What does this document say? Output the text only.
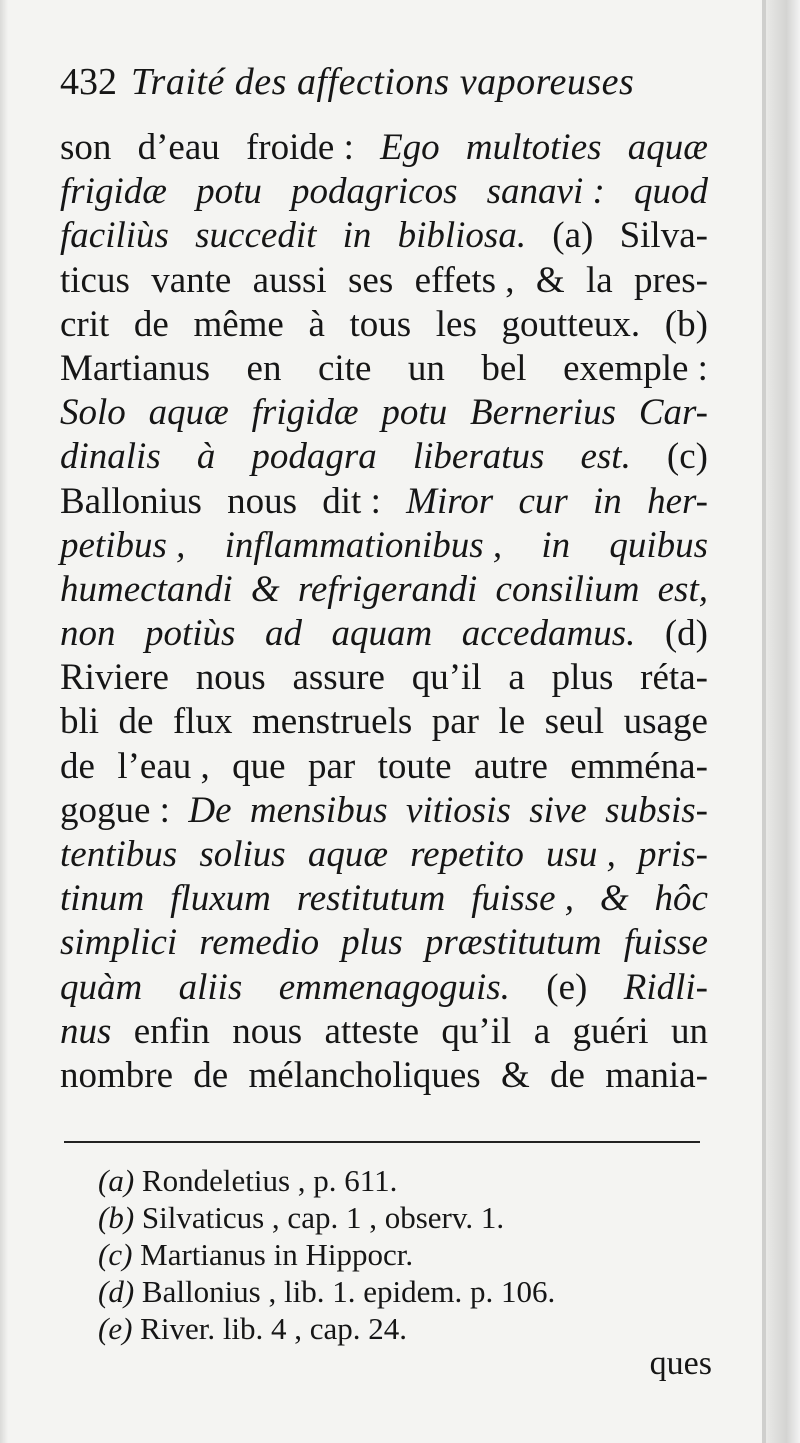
432 Traité des affections vaporeuses
son d’eau froide : Ego multoties aquæ
frigidæ potu podagricos sanavi : quod
faciliùs succedit in bibliosa. (a) Silva-
ticus vante aussi ses effets , & la pres-
crit de même à tous les goutteux. (b)
Martianus en cite un bel exemple :
Solo aquæ frigidæ potu Bernerius Car-
dinalis à podagra liberatus est. (c)
Ballonius nous dit : Miror cur in her-
petibus , inflammationibus , in quibus
humectandi & refrigerandi consilium est,
non potiùs ad aquam accedamus. (d)
Riviere nous assure qu’il a plus réta-
bli de flux menstruels par le seul usage
de l’eau , que par toute autre emména-
gogue : De mensibus vitiosis sive subsis-
tentibus solius aquæ repetito usu , pris-
tinum fluxum restitutum fuisse , & hôc
simplici remedio plus præstitutum fuisse
quàm aliis emmenagoguis. (e) Ridli-
nus enfin nous atteste qu’il a guéri un
nombre de mélancholiques & de mania-
(a) Rondeletius , p. 611.
(b) Silvaticus , cap. 1 , observ. 1.
(c) Martianus in Hippocr.
(d) Ballonius , lib. 1. epidem. p. 106.
(e) River. lib. 4 , cap. 24.
ques
